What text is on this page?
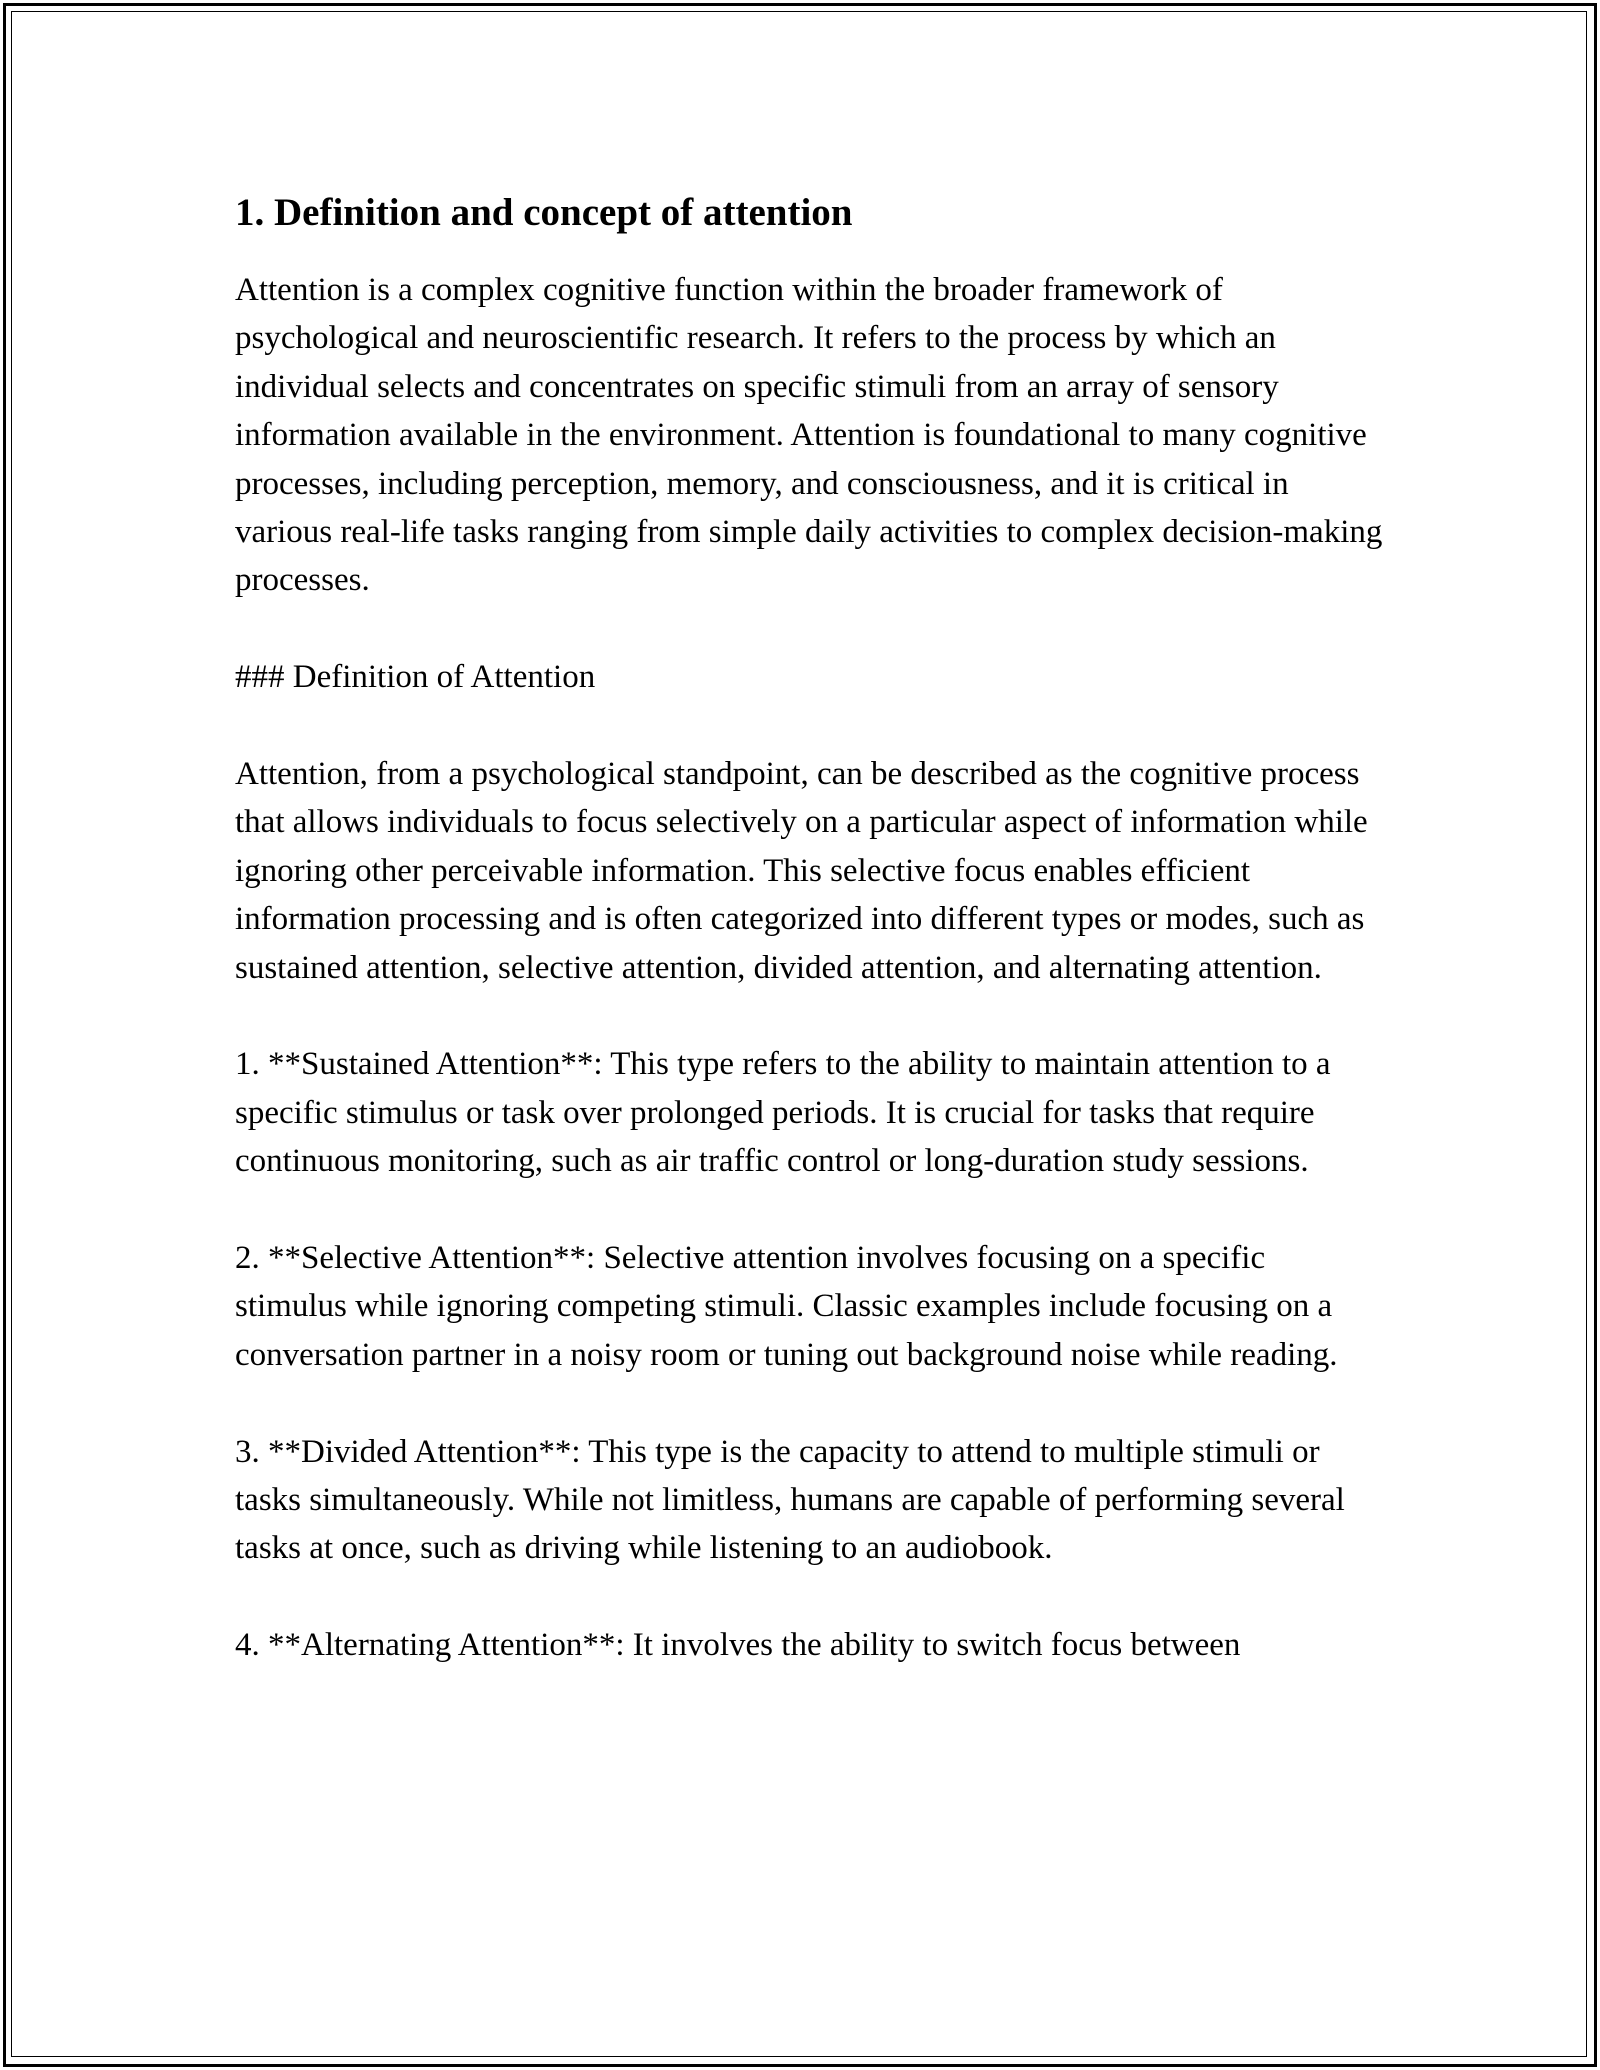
1. Definition and concept of attention

Attention is a complex cognitive function within the broader framework of psychological and neuroscientific research. It refers to the process by which an individual selects and concentrates on specific stimuli from an array of sensory information available in the environment. Attention is foundational to many cognitive processes, including perception, memory, and consciousness, and it is critical in various real-life tasks ranging from simple daily activities to complex decision-making processes.

### Definition of Attention

Attention, from a psychological standpoint, can be described as the cognitive process that allows individuals to focus selectively on a particular aspect of information while ignoring other perceivable information. This selective focus enables efficient information processing and is often categorized into different types or modes, such as sustained attention, selective attention, divided attention, and alternating attention.

1. **Sustained Attention**: This type refers to the ability to maintain attention to a specific stimulus or task over prolonged periods. It is crucial for tasks that require continuous monitoring, such as air traffic control or long-duration study sessions.

2. **Selective Attention**: Selective attention involves focusing on a specific stimulus while ignoring competing stimuli. Classic examples include focusing on a conversation partner in a noisy room or tuning out background noise while reading.

3. **Divided Attention**: This type is the capacity to attend to multiple stimuli or tasks simultaneously. While not limitless, humans are capable of performing several tasks at once, such as driving while listening to an audiobook.

4. **Alternating Attention**: It involves the ability to switch focus between
